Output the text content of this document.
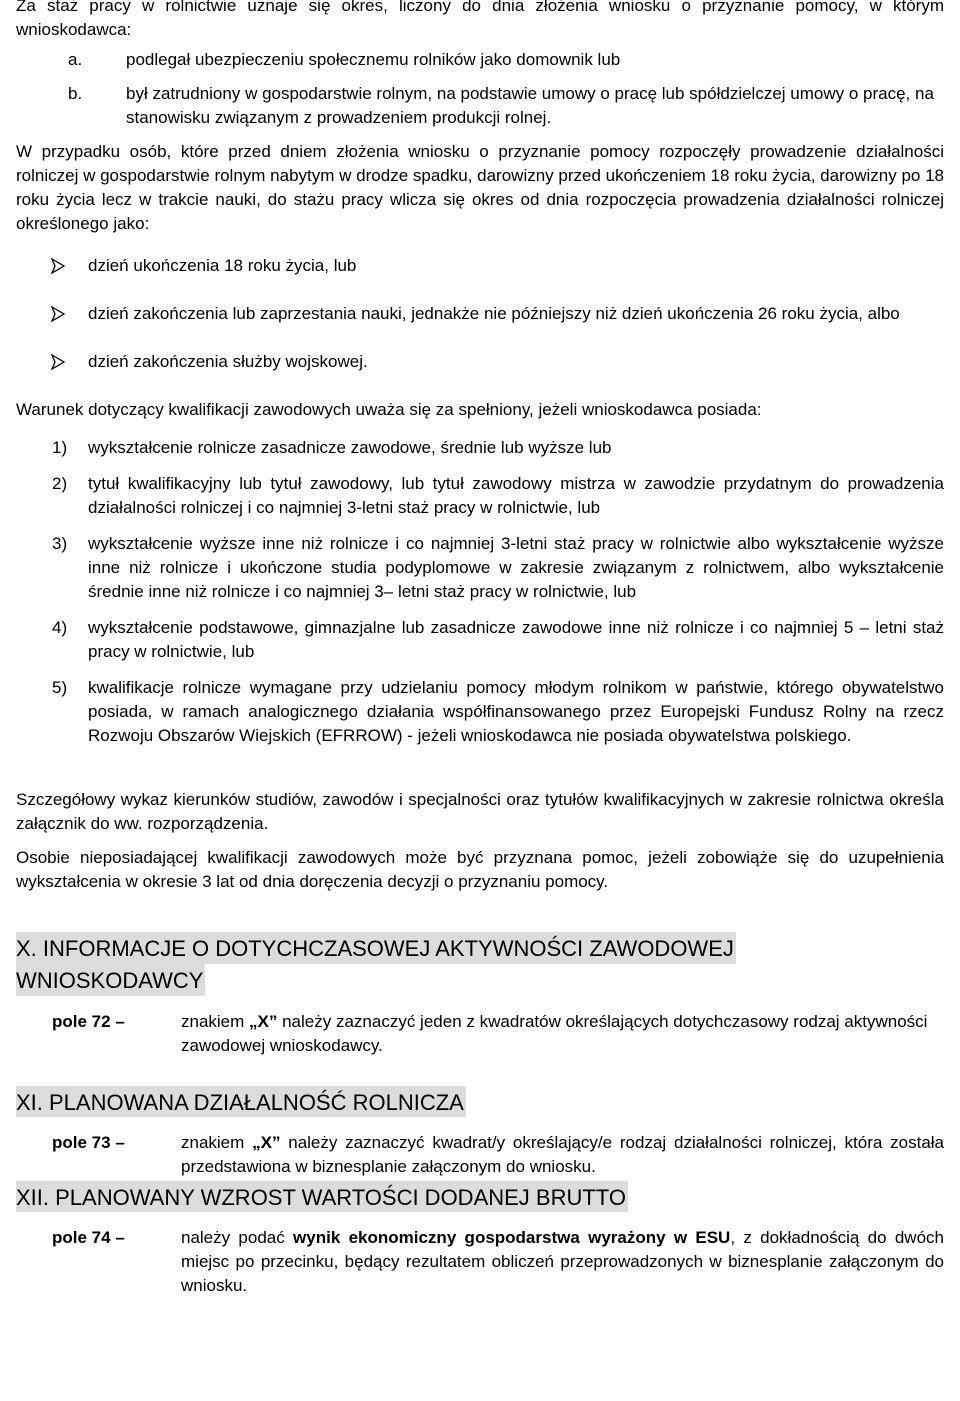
Za staż pracy w rolnictwie uznaje się okres, liczony do dnia złożenia wniosku o przyznanie pomocy, w którym wnioskodawca:

a.	podlegał ubezpieczeniu społecznemu rolników jako domownik lub
b.	był zatrudniony w gospodarstwie rolnym, na podstawie umowy o pracę lub spółdzielczej umowy o pracę, na stanowisku związanym z prowadzeniem produkcji rolnej.

W przypadku osób, które przed dniem złożenia wniosku o przyznanie pomocy rozpoczęły prowadzenie działalności rolniczej w gospodarstwie rolnym nabytym w drodze spadku, darowizny przed ukończeniem 18 roku życia, darowizny po 18 roku życia lecz w trakcie nauki, do stażu pracy wlicza się okres od dnia rozpoczęcia prowadzenia działalności rolniczej określonego jako:

dzień ukończenia 18 roku życia, lub
dzień zakończenia lub zaprzestania nauki, jednakże nie późniejszy niż dzień ukończenia 26 roku życia, albo
dzień zakończenia służby wojskowej.

Warunek dotyczący kwalifikacji zawodowych uważa się za spełniony, jeżeli wnioskodawca posiada:

1) wykształcenie rolnicze zasadnicze zawodowe, średnie lub wyższe lub
2) tytuł kwalifikacyjny lub tytuł zawodowy, lub tytuł zawodowy mistrza w zawodzie przydatnym do prowadzenia działalności rolniczej i co najmniej 3-letni staż pracy w rolnictwie, lub
3) wykształcenie wyższe inne niż rolnicze i co najmniej 3-letni staż pracy w rolnictwie albo wykształcenie wyższe inne niż rolnicze i ukończone studia podyplomowe w zakresie związanym z rolnictwem, albo wykształcenie średnie inne niż rolnicze i co najmniej 3– letni staż pracy w rolnictwie, lub
4) wykształcenie podstawowe, gimnazjalne lub zasadnicze zawodowe inne niż rolnicze i co najmniej 5 – letni staż pracy w rolnictwie, lub
5) kwalifikacje rolnicze wymagane przy udzielaniu pomocy młodym rolnikom w państwie, którego obywatelstwo posiada, w ramach analogicznego działania współfinansowanego przez Europejski Fundusz Rolny na rzecz Rozwoju Obszarów Wiejskich (EFRROW) - jeżeli wnioskodawca nie posiada obywatelstwa polskiego.

Szczegółowy wykaz kierunków studiów, zawodów i specjalności oraz tytułów kwalifikacyjnych w zakresie rolnictwa określa załącznik do ww. rozporządzenia.

Osobie nieposiadającej kwalifikacji zawodowych może być przyznana pomoc, jeżeli zobowiąże się do uzupełnienia wykształcenia w okresie 3 lat od dnia doręczenia decyzji o przyznaniu pomocy.

X. INFORMACJE O DOTYCHCZASOWEJ AKTYWNOŚCI ZAWODOWEJ
WNIOSKODAWCY

pole 72 –	znakiem „X” należy zaznaczyć jeden z kwadratów określających dotychczasowy rodzaj aktywności zawodowej wnioskodawcy.

XI. PLANOWANA DZIAŁALNOŚĆ ROLNICZA

pole 73 –	znakiem „X” należy zaznaczyć kwadrat/y określający/e rodzaj działalności rolniczej, która została przedstawiona w biznesplanie załączonym do wniosku.

XII. PLANOWANY WZROST WARTOŚCI DODANEJ BRUTTO

pole 74 –	należy podać wynik ekonomiczny gospodarstwa wyrażony w ESU, z dokładnością do dwóch miejsc po przecinku, będący rezultatem obliczeń przeprowadzonych w biznesplanie załączonym do wniosku.
